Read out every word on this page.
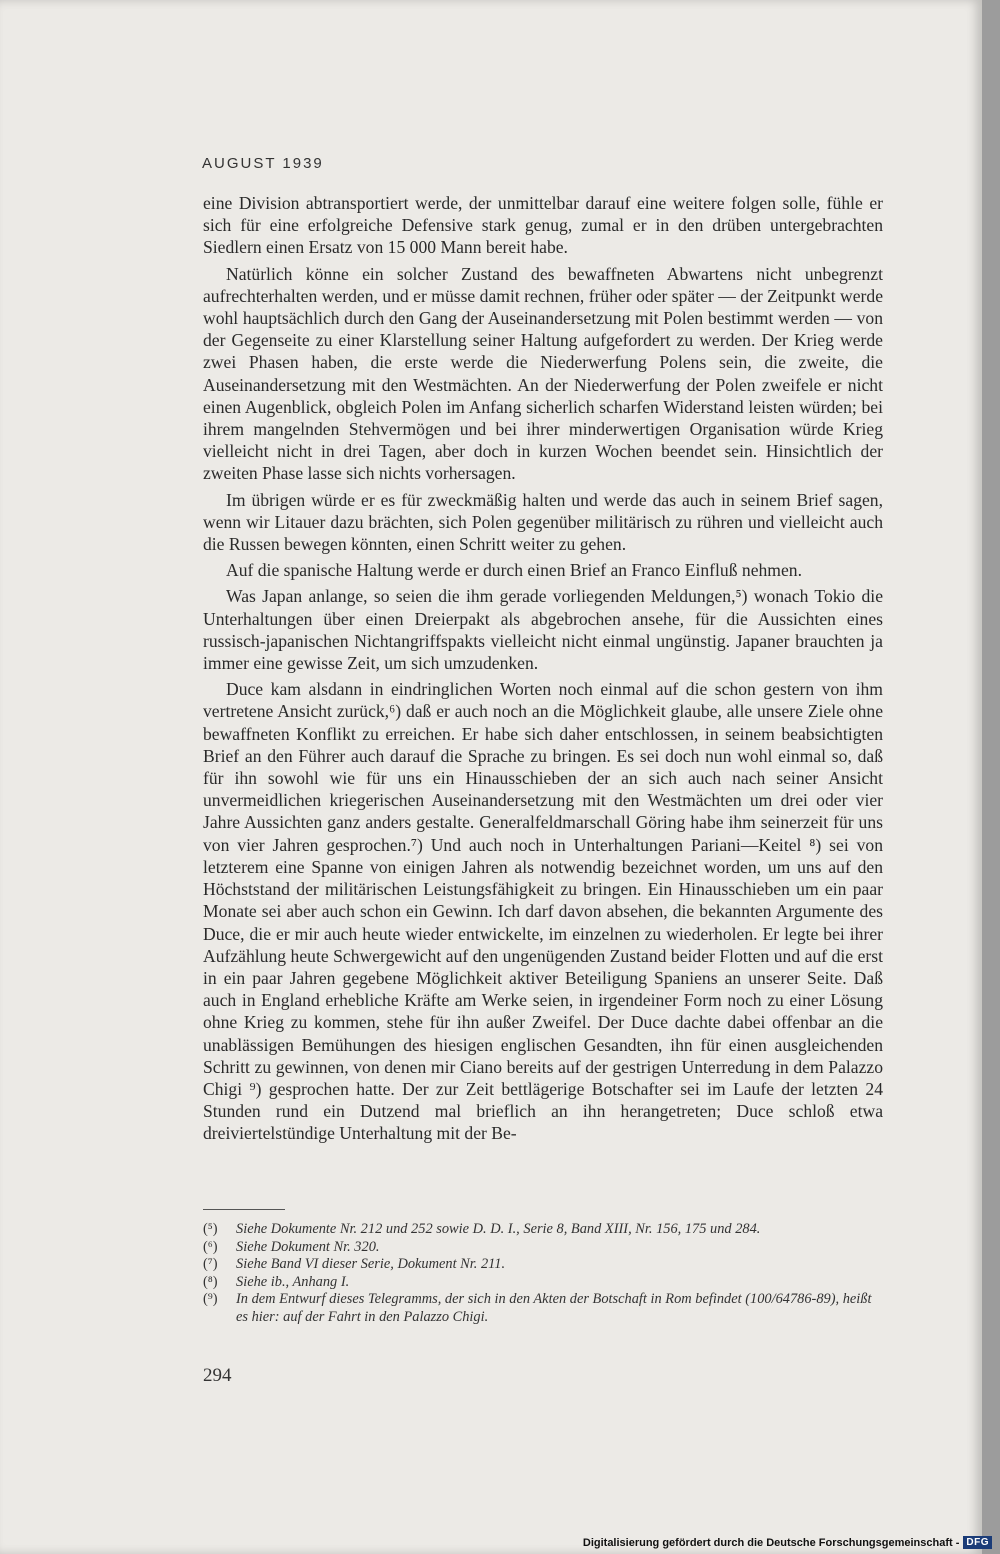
AUGUST 1939

eine Division abtransportiert werde, der unmittelbar darauf eine weitere folgen solle, fühle er sich für eine erfolgreiche Defensive stark genug, zumal er in den drüben untergebrachten Siedlern einen Ersatz von 15 000 Mann bereit habe.

Natürlich könne ein solcher Zustand des bewaffneten Abwartens nicht unbegrenzt aufrechterhalten werden, und er müsse damit rechnen, früher oder später — der Zeitpunkt werde wohl hauptsächlich durch den Gang der Auseinandersetzung mit Polen bestimmt werden — von der Gegenseite zu einer Klarstellung seiner Haltung aufgefordert zu werden. Der Krieg werde zwei Phasen haben, die erste werde die Niederwerfung Polens sein, die zweite, die Auseinandersetzung mit den Westmächten. An der Niederwerfung der Polen zweifele er nicht einen Augenblick, obgleich Polen im Anfang sicherlich scharfen Widerstand leisten würden; bei ihrem mangelnden Stehvermögen und bei ihrer minderwertigen Organisation würde Krieg vielleicht nicht in drei Tagen, aber doch in kurzen Wochen beendet sein. Hinsichtlich der zweiten Phase lasse sich nichts vorhersagen.

Im übrigen würde er es für zweckmäßig halten und werde das auch in seinem Brief sagen, wenn wir Litauer dazu brächten, sich Polen gegenüber militärisch zu rühren und vielleicht auch die Russen bewegen könnten, einen Schritt weiter zu gehen.

Auf die spanische Haltung werde er durch einen Brief an Franco Einfluß nehmen.

Was Japan anlange, so seien die ihm gerade vorliegenden Meldungen,⁵) wonach Tokio die Unterhaltungen über einen Dreierpakt als abgebrochen ansehe, für die Aussichten eines russisch-japanischen Nichtangriffspakts vielleicht nicht einmal ungünstig. Japaner brauchten ja immer eine gewisse Zeit, um sich umzudenken.

Duce kam alsdann in eindringlichen Worten noch einmal auf die schon gestern von ihm vertretene Ansicht zurück,⁶) daß er auch noch an die Möglichkeit glaube, alle unsere Ziele ohne bewaffneten Konflikt zu erreichen. Er habe sich daher entschlossen, in seinem beabsichtigten Brief an den Führer auch darauf die Sprache zu bringen. Es sei doch nun wohl einmal so, daß für ihn sowohl wie für uns ein Hinausschieben der an sich auch nach seiner Ansicht unvermeidlichen kriegerischen Auseinandersetzung mit den Westmächten um drei oder vier Jahre Aussichten ganz anders gestalte. Generalfeldmarschall Göring habe ihm seinerzeit für uns von vier Jahren gesprochen.⁷) Und auch noch in Unterhaltungen Pariani—Keitel ⁸) sei von letzterem eine Spanne von einigen Jahren als notwendig bezeichnet worden, um uns auf den Höchststand der militärischen Leistungsfähigkeit zu bringen. Ein Hinausschieben um ein paar Monate sei aber auch schon ein Gewinn. Ich darf davon absehen, die bekannten Argumente des Duce, die er mir auch heute wieder entwickelte, im einzelnen zu wiederholen. Er legte bei ihrer Aufzählung heute Schwergewicht auf den ungenügenden Zustand beider Flotten und auf die erst in ein paar Jahren gegebene Möglichkeit aktiver Beteiligung Spaniens an unserer Seite. Daß auch in England erhebliche Kräfte am Werke seien, in irgendeiner Form noch zu einer Lösung ohne Krieg zu kommen, stehe für ihn außer Zweifel. Der Duce dachte dabei offenbar an die unablässigen Bemühungen des hiesigen englischen Gesandten, ihn für einen ausgleichenden Schritt zu gewinnen, von denen mir Ciano bereits auf der gestrigen Unterredung in dem Palazzo Chigi ⁹) gesprochen hatte. Der zur Zeit bettlägerige Botschafter sei im Laufe der letzten 24 Stunden rund ein Dutzend mal brieflich an ihn herangetreten; Duce schloß etwa dreiviertelstündige Unterhaltung mit der Be-

(⁵)	Siehe Dokumente Nr. 212 und 252 sowie D. D. I., Serie 8, Band XIII, Nr. 156, 175 und 284.
(⁶)	Siehe Dokument Nr. 320.
(⁷)	Siehe Band VI dieser Serie, Dokument Nr. 211.
(⁸)	Siehe ib., Anhang I.
(⁹)	In dem Entwurf dieses Telegramms, der sich in den Akten der Botschaft in Rom befindet (100/64786-89), heißt es hier: auf der Fahrt in den Palazzo Chigi.
294
Digitalisierung gefördert durch die Deutsche Forschungsgemeinschaft - DFG
